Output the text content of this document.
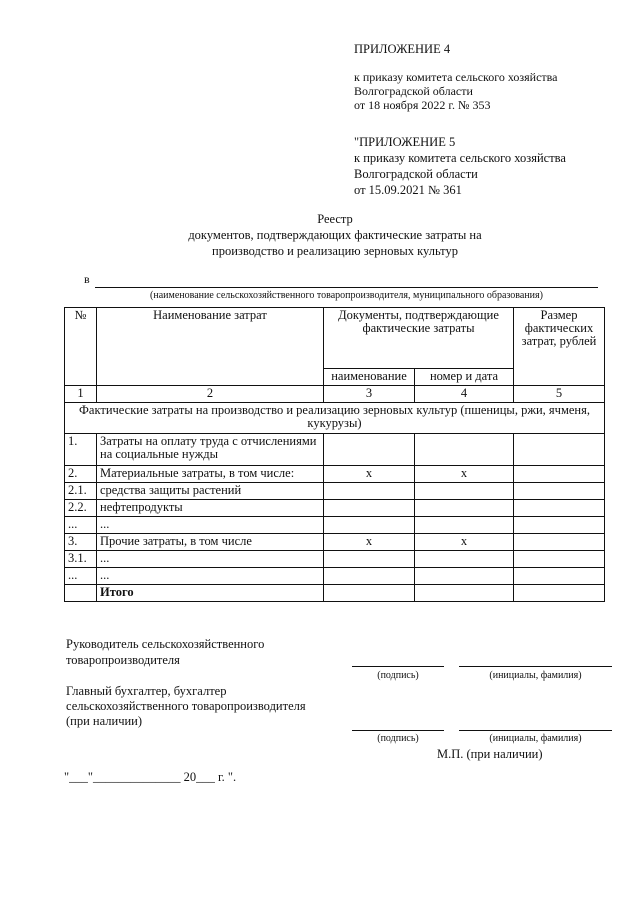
ПРИЛОЖЕНИЕ 4
к приказу комитета сельского хозяйства
Волгоградской области
от 18 ноября 2022 г. № 353
"ПРИЛОЖЕНИЕ 5
к приказу комитета сельского хозяйства
Волгоградской области
от 15.09.2021 № 361
Реестр
документов, подтверждающих фактические затраты на
производство и реализацию зерновых культур
в
(наименование сельскохозяйственного товаропроизводителя, муниципального образования)
№	Наименование затрат	Документы, подтверждающие фактические затраты		Размер фактических затрат, рублей
		наименование	номер и дата	
1	2	3	4	5
Фактические затраты на производство и реализацию зерновых культур (пшеницы, ржи, ячменя, кукурузы)				
1.	Затраты на оплату труда с отчислениями на социальные нужды			
2.	Материальные затраты, в том числе:	х	х	
2.1.	средства защиты растений			
2.2.	нефтепродукты			
...	...			
3.	Прочие затраты, в том числе	х	х	
3.1.	...			
...	...			
	Итого			
Руководитель сельскохозяйственного
товаропроизводителя
(подпись)	(инициалы, фамилия)
Главный бухгалтер, бухгалтер
сельскохозяйственного товаропроизводителя
(при наличии)
(подпись)	(инициалы, фамилия)
М.П. (при наличии)
"___"______________ 20___ г. ".
